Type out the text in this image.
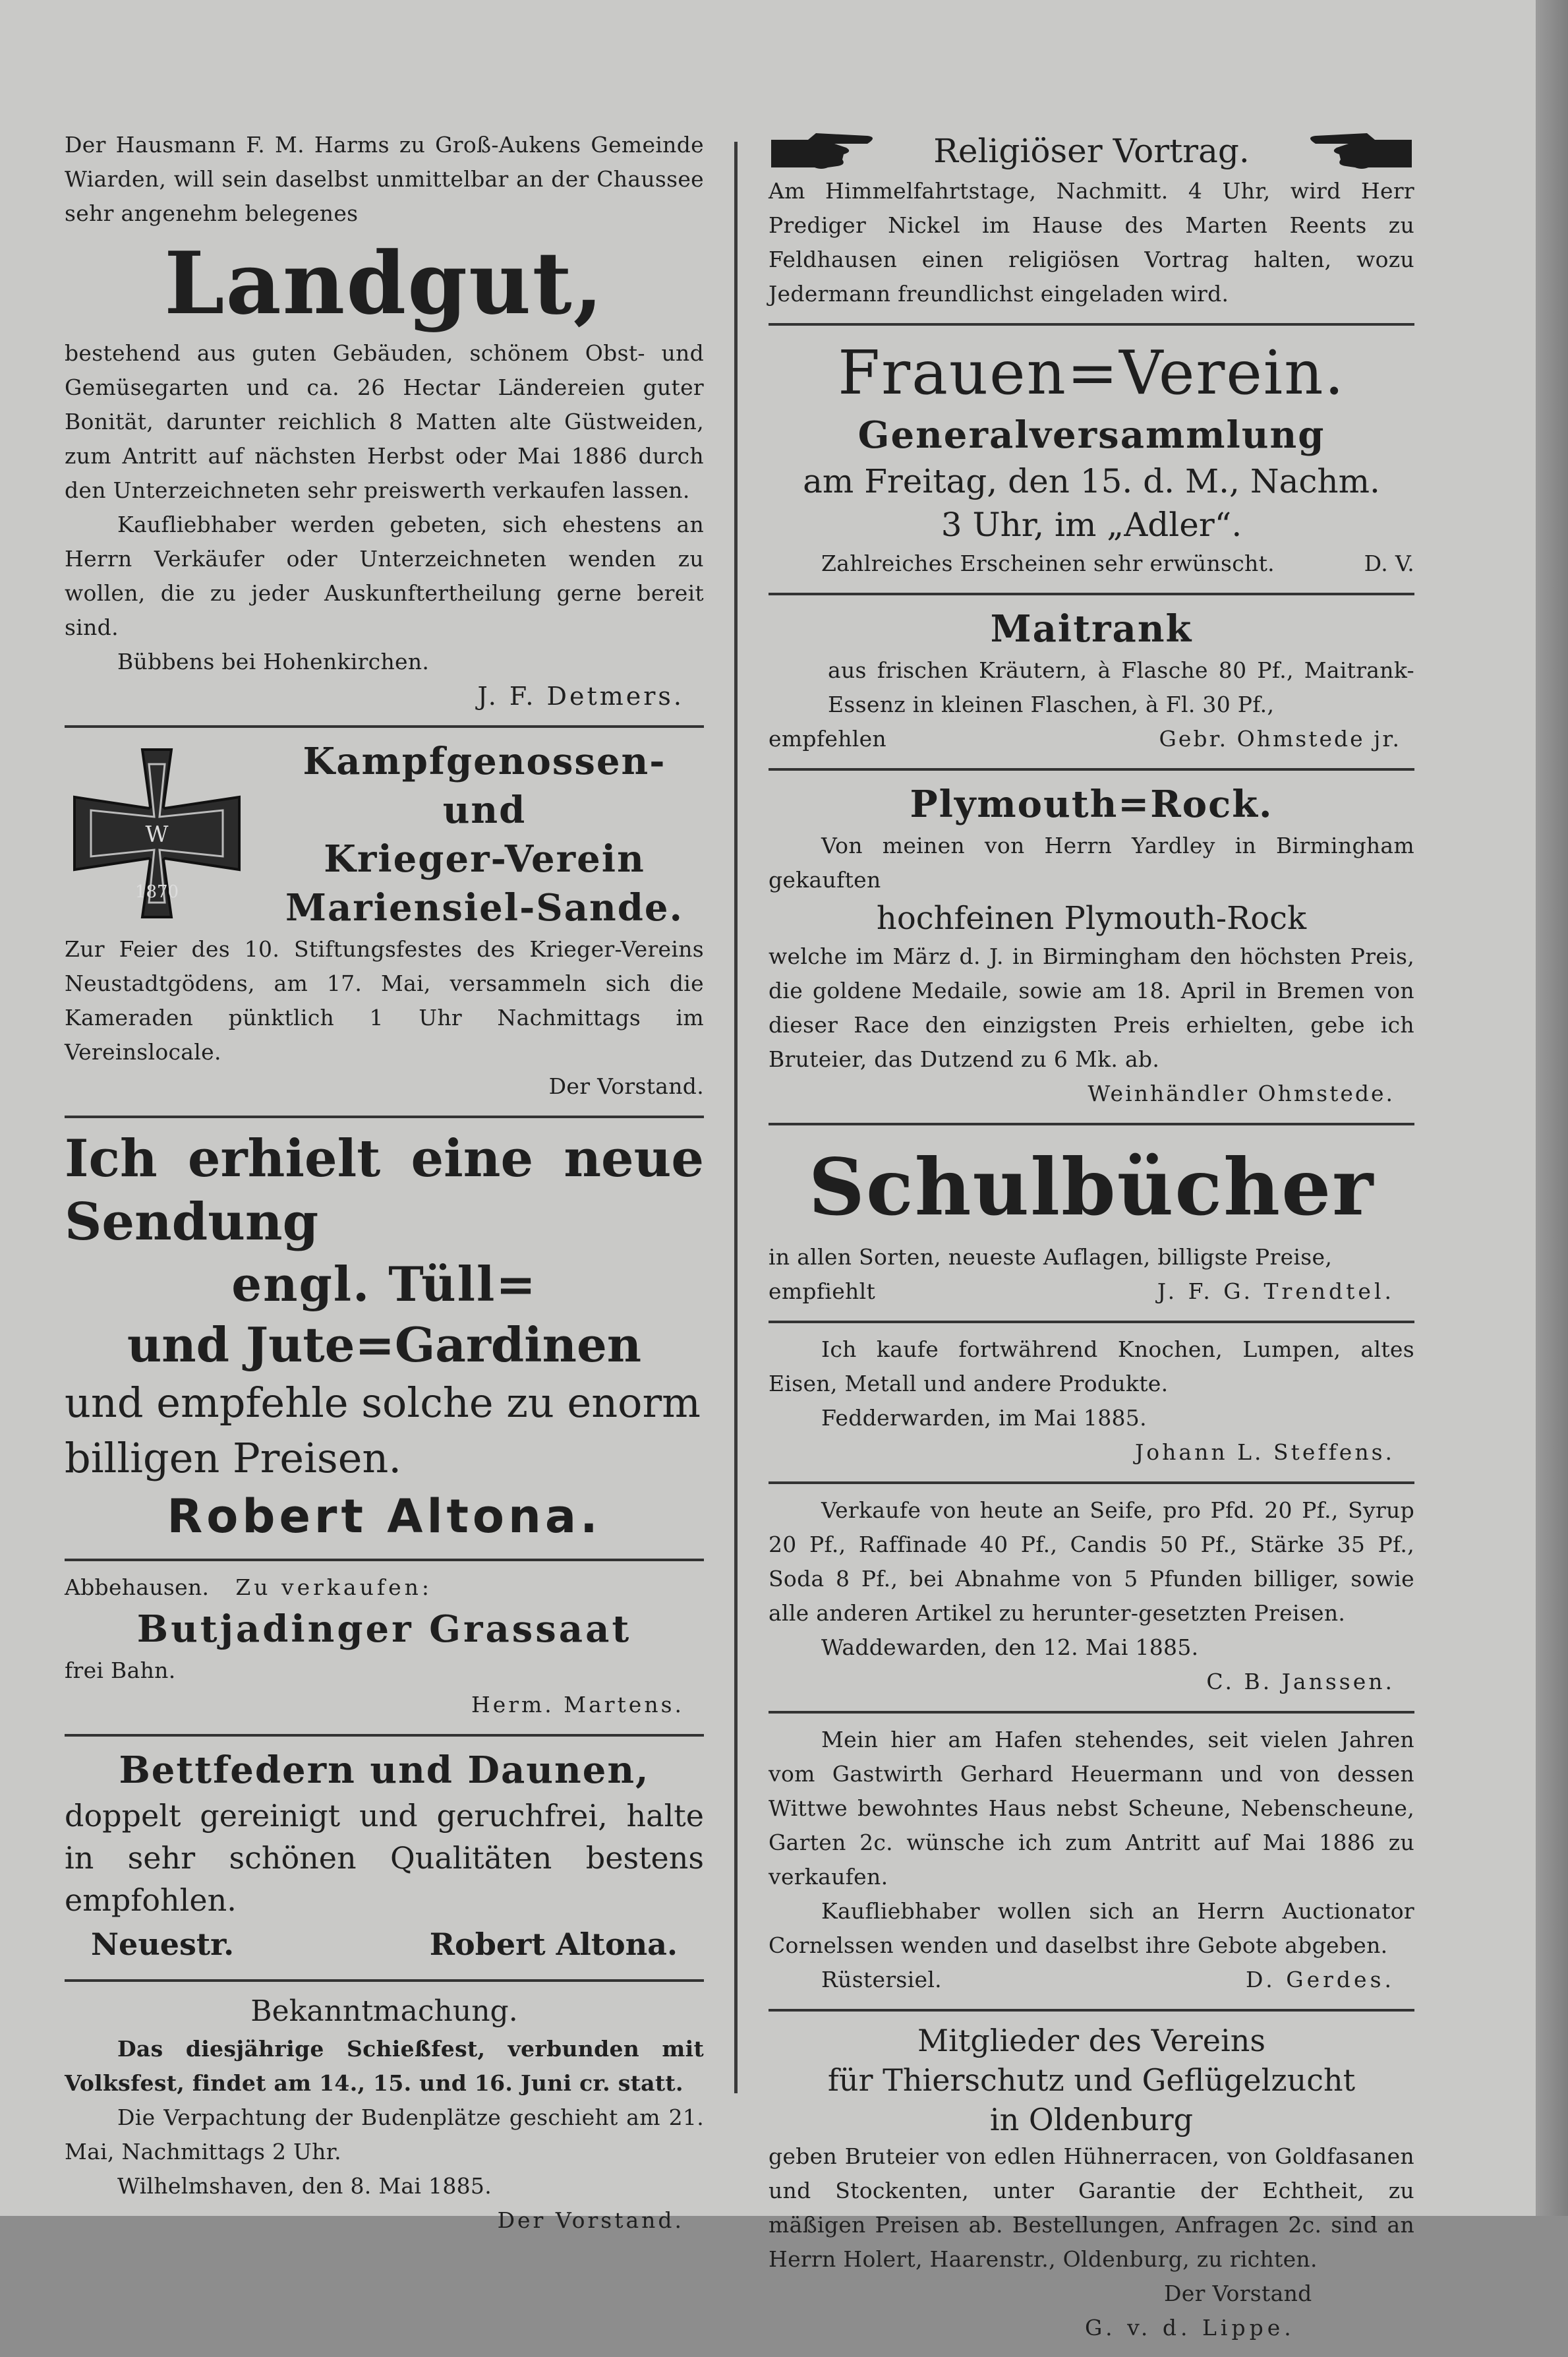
Der Hausmann F. M. Harms zu Groß-Aukens Gemeinde Wiarden, will sein daselbst unmittelbar an der Chaussee sehr angenehm belegenes

Landgut,

bestehend aus guten Gebäuden, schönem Obst- und Gemüsegarten und ca. 26 Hectar Ländereien guter Bonität, darunter reichlich 8 Matten alte Güstweiden, zum Antritt auf nächsten Herbst oder Mai 1886 durch den Unterzeichneten sehr preiswerth verkaufen lassen.

Kaufliebhaber werden gebeten, sich ehestens an Herrn Verkäufer oder Unterzeichneten wenden zu wollen, die zu jeder Auskunftertheilung gerne bereit sind.

Bübbens bei Hohenkirchen.

J. F. Detmers.

W
1870

Kampfgenossen- und

Krieger-Verein

Mariensiel-Sande.

Zur Feier des 10. Stiftungsfestes des Krieger-Vereins Neustadtgödens, am 17. Mai, versammeln sich die Kameraden pünktlich 1 Uhr Nachmittags im Vereinslocale.

Der Vorstand.

Ich erhielt eine neue

Sendung

engl. Tüll=

und Jute=Gardinen

und empfehle solche zu enorm

billigen Preisen.

Robert Altona.

Abbehausen. Zu verkaufen:

Butjadinger Grassaat

frei Bahn.

Herm. Martens.

Bettfedern und Daunen,

doppelt gereinigt und geruchfrei, halte in sehr schönen Qualitäten bestens empfohlen.

Neuestr.	Robert Altona.

Bekanntmachung.

Das diesjährige Schießfest, verbunden mit Volksfest, findet am 14., 15. und 16. Juni cr. statt.

Die Verpachtung der Budenplätze geschieht am 21. Mai, Nachmittags 2 Uhr.

Wilhelmshaven, den 8. Mai 1885.

Der Vorstand.

Religiöser Vortrag.

Am Himmelfahrtstage, Nachmitt. 4 Uhr, wird Herr Prediger Nickel im Hause des Marten Reents zu Feldhausen einen religiösen Vortrag halten, wozu Jedermann freundlichst eingeladen wird.

Frauen=Verein.

Generalversammlung

am Freitag, den 15. d. M., Nachm.

3 Uhr, im „Adler“.

Zahlreiches Erscheinen sehr erwünscht.	D. V.

Maitrank

aus frischen Kräutern, à Flasche 80 Pf., Maitrank-Essenz in kleinen Flaschen, à Fl. 30 Pf.,

empfehlen	Gebr. Ohmstede jr.

Plymouth=Rock.

Von meinen von Herrn Yardley in Birmingham gekauften

hochfeinen Plymouth-Rock

welche im März d. J. in Birmingham den höchsten Preis, die goldene Medaile, sowie am 18. April in Bremen von dieser Race den einzigsten Preis erhielten, gebe ich Bruteier, das Dutzend zu 6 Mk. ab.

Weinhändler Ohmstede.

Schulbücher

in allen Sorten, neueste Auflagen, billigste Preise,

empfiehlt	J. F. G. Trendtel.

Ich kaufe fortwährend Knochen, Lumpen, altes Eisen, Metall und andere Produkte.

Fedderwarden, im Mai 1885.

Johann L. Steffens.

Verkaufe von heute an Seife, pro Pfd. 20 Pf., Syrup 20 Pf., Raffinade 40 Pf., Candis 50 Pf., Stärke 35 Pf., Soda 8 Pf., bei Abnahme von 5 Pfunden billiger, sowie alle anderen Artikel zu herunter-gesetzten Preisen.

Waddewarden, den 12. Mai 1885.

C. B. Janssen.

Mein hier am Hafen stehendes, seit vielen Jahren vom Gastwirth Gerhard Heuermann und von dessen Wittwe bewohntes Haus nebst Scheune, Nebenscheune, Garten 2c. wünsche ich zum Antritt auf Mai 1886 zu verkaufen.

Kaufliebhaber wollen sich an Herrn Auctionator Cornelssen wenden und daselbst ihre Gebote abgeben.

Rüstersiel.	D. Gerdes.

Mitglieder des Vereins

für Thierschutz und Geflügelzucht

in Oldenburg

geben Bruteier von edlen Hühnerracen, von Goldfasanen und Stockenten, unter Garantie der Echtheit, zu mäßigen Preisen ab. Bestellungen, Anfragen 2c. sind an Herrn Holert, Haarenstr., Oldenburg, zu richten.

Der Vorstand

G. v. d. Lippe.
